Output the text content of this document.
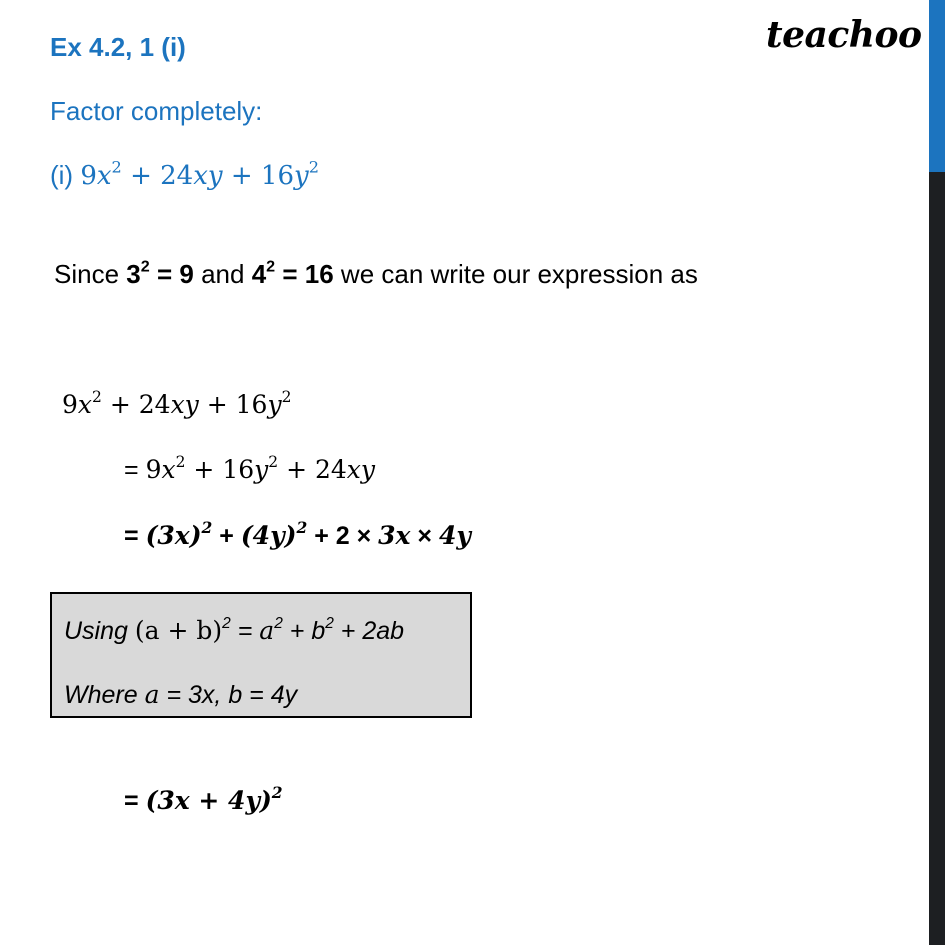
Ex 4.2, 1 (i)	teachoo
Factor completely:
(i) $9x^2 + 24xy + 16y^2$
Since $3^2 = 9$ and $4^2 = 16$ we can write our expression as
$9x^2 + 24xy + 16y^2$
= $9x^2 + 16y^2 + 24xy$
= $(3x)^2 + (4y)^2 + 2 \times 3x \times 4y$
Using $(a + b)^2 = a^2 + b^2 + 2ab$
Where a = 3x, b = 4y
= $(3x + 4y)^2$
